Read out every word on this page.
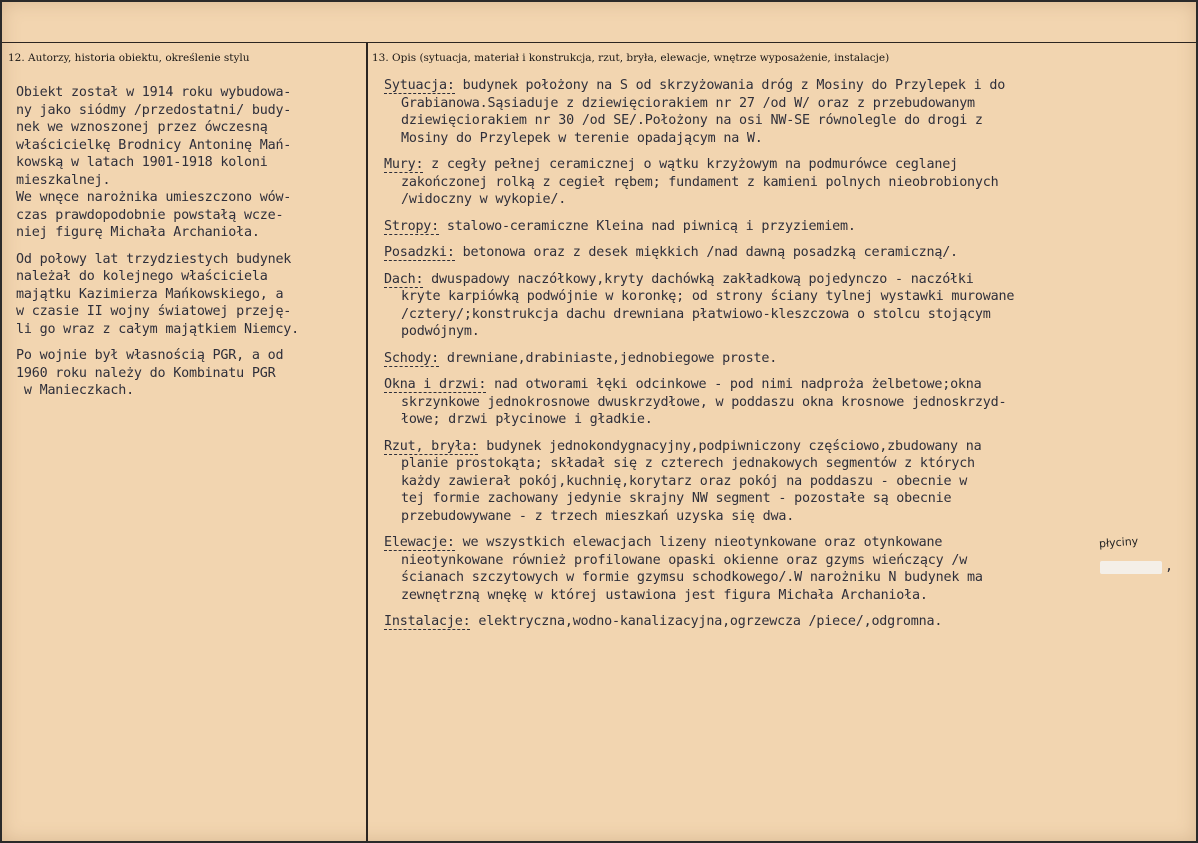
12. Autorzy, historia obiektu, określenie stylu	13. Opis (sytuacja, materiał i konstrukcja, rzut, bryła, elewacje, wnętrze wyposażenie, instalacje)
Obiekt został w 1914 roku wybudowa-
ny jako siódmy /przedostatni/ budy-
nek we wznoszonej przez ówczesną
właścicielkę Brodnicy Antoninę Mań-
kowską w latach 1901-1918 koloni
mieszkalnej.
We wnęce narożnika umieszczono wów-
czas prawdopodobnie powstałą wcze-
niej figurę Michała Archanioła.
Od połowy lat trzydziestych budynek
należał do kolejnego właściciela
majątku Kazimierza Mańkowskiego, a
w czasie II wojny światowej przeję-
li go wraz z całym majątkiem Niemcy.
Po wojnie był własnością PGR, a od
1960 roku należy do Kombinatu PGR
w Manieczkach.
Sytuacja: budynek położony na S od skrzyżowania dróg z Mosiny do Przylepek i do
Grabianowa.Sąsiaduje z dziewięciorakiem nr 27 /od W/ oraz z przebudowanym
dziewięciorakiem nr 30 /od SE/.Położony na osi NW-SE równolegle do drogi z
Mosiny do Przylepek w terenie opadającym na W.
Mury: z cegły pełnej ceramicznej o wątku krzyżowym na podmurówce ceglanej
zakończonej rolką z cegieł rębem; fundament z kamieni polnych nieobrobionych
/widoczny w wykopie/.
Stropy: stalowo-ceramiczne Kleina nad piwnicą i przyziemiem.
Posadzki: betonowa oraz z desek miękkich /nad dawną posadzką ceramiczną/.
Dach: dwuspadowy naczółkowy,kryty dachówką zakładkową pojedynczo - naczółki
kryte karpiówką podwójnie w koronkę; od strony ściany tylnej wystawki murowane
/cztery/;konstrukcja dachu drewniana płatwiowo-kleszczowa o stolcu stojącym
podwójnym.
Schody: drewniane,drabiniaste,jednobiegowe proste.
Okna i drzwi: nad otworami łęki odcinkowe - pod nimi nadproża żelbetowe;okna
skrzynkowe jednokrosnowe dwuskrzydłowe, w poddaszu okna krosnowe jednoskrzyd-
łowe; drzwi płycinowe i gładkie.
Rzut, bryła: budynek jednokondygnacyjny,podpiwniczony częściowo,zbudowany na
planie prostokąta; składał się z czterech jednakowych segmentów z których
każdy zawierał pokój,kuchnię,korytarz oraz pokój na poddaszu - obecnie w
tej formie zachowany jedynie skrajny NW segment - pozostałe są obecnie
przebudowywane - z trzech mieszkań uzyska się dwa.
Elewacje: we wszystkich elewacjach lizeny nieotynkowane oraz otynkowane
nieotynkowane również profilowane opaski okienne oraz gzyms wieńczący /w
ścianach szczytowych w formie gzymsu schodkowego/.W narożniku N budynek ma
zewnętrzną wnękę w której ustawiona jest figura Michała Archanioła.
Instalacje: elektryczna,wodno-kanalizacyjna,ogrzewcza /piece/,odgromna.
płyciny
,
